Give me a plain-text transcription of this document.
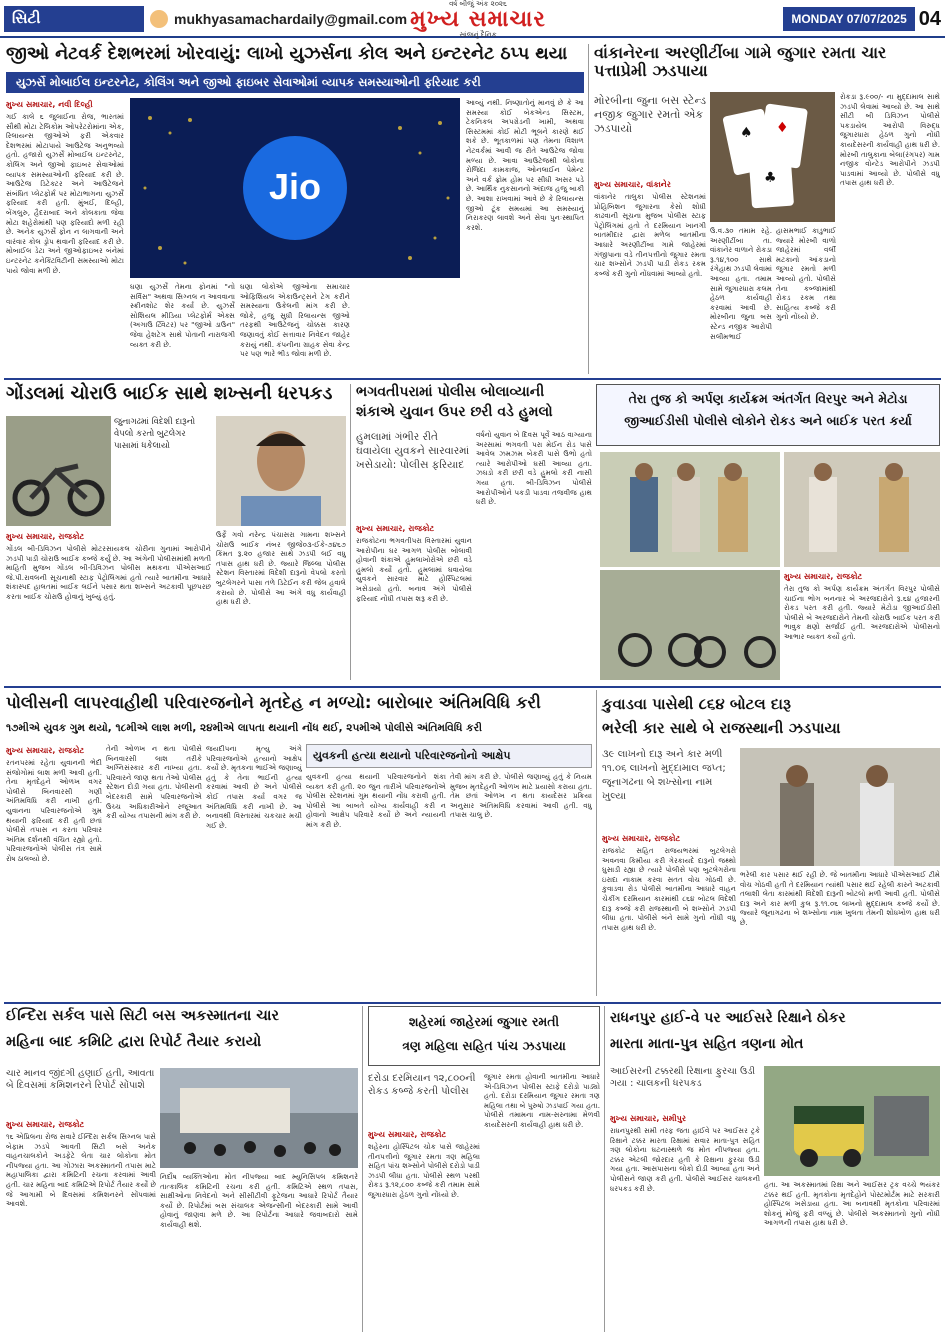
સિટી	mukhyasamachardaily@gmail.com
વર્ષ બીજું અંક ૨૦૨૬
મુખ્ય સમાચાર
સાંજનું દૈનિક
MONDAY 07/07/2025 04
જીઓ નેટવર્ક દેશભરમાં ખોરવાયું: લાખો યુઝર્સના કોલ અને ઇન્ટરનેટ ઠપ્પ થયા
યુઝર્સે મોબાઈલ ઇન્ટરનેટ, કોલિંગ અને જીઓ ફાઇબર સેવાઓમાં વ્યાપક સમસ્યાઓની ફરિયાદ કરી
મુખ્ય સમાચાર, નવી દિલ્હી
ગઈ કાલે ૬ જુલાઈના રોજ, ભારતમાં સૌથી મોટા ટેલિકોમ ઓપરેટરોમાંના એક, રિલાયન્સ જીઓએ ફરી એકવાર દેશભરમાં મોટાપાયે આઉટેજ અનુભવ્યો હતો. હજારો યુઝર્સે મોબાઈલ ઇન્ટરનેટ, કોલિંગ અને જીઓ ફાઇબર સેવાઓમાં વ્યાપક સમસ્યાઓની ફરિયાદ કરી છે. આઉટેજ ડિટેક્ટર અને આઉટેજને સંબંધિત પ્લેટફોર્મ પર મોટાભાગના યુઝર્સે ફરિયાદ કરી હતી. મુંબઈ, દિલ્હી, બેંગલુરુ, હૈદરાબાદ અને કોલકાતા જેવા મોટા શહેરોમાંથી પણ ફરિયાદો મળી રહી છે. અનેક યુઝર્સે ફોન ન લાગવાની અને વારંવાર કોલ ડ્રોપ થવાની ફરિયાદ કરી છે. મોબાઈલ ડેટા અને જીઓફાઇબર બંનેમાં ઇન્ટરનેટ કનેક્ટિવિટીની સમસ્યાઓ મોટા પાયે જોવા મળી છે.
Jio
ઘણા યુઝર્સે તેમના ફોનમાં "નો સર્વિસ" અથવા સિગ્નલ ન આવવાના સ્ક્રીનશોટ શેર કર્યા છે. યુઝર્સે સોશિયલ મીડિયા પ્લેટફોર્મ એક્સ (અગાઉ ટ્વિટર) પર "જીઓ ડાઉન" જેવા હેશટેગ સાથે પોતાની નારાજગી વ્યક્ત કરી છે.
ઘણા લોકોએ જીઓના સમાચાર ઓફિશિયલ એકાઉન્ટ્સને ટેગ કરીને સમસ્યાના ઉકેલની માંગ કરી છે. જોકે, હજુ સુધી રિલાયન્સ જીઓ તરફથી આઉટેજનું ચોક્કસ કારણ જણાવતું કોઈ સત્તાવાર નિવેદન જાહેર કરાયું નથી. કંપનીના ગ્રાહક સેવા કેન્દ્ર પર પણ ભારે ભીડ જોવા મળી છે.
આવ્યું નથી. નિષ્ણાતોનું માનવું છે કે આ સમસ્યા કોઈ બેકએન્ડ સિસ્ટમ, ટેકનિકલ અપગ્રેડની ખામી, અથવા સિસ્ટમમાં કોઈ મોટી ભૂલને કારણે થઈ શકે છે. ભૂતકાળમાં પણ તેમના વિશાળ નેટવર્કમાં આવી જ રીતે આઉટેજ જોવા મળ્યા છે. આવા આઉટેજથી લોકોના રોજિંદા કામકાજ, ઓનલાઈન પેમેન્ટ અને વર્ક ફ્રોમ હોમ પર સીધી અસર પડે છે. આર્થિક નુકસાનનો અંદાજ હજુ બાકી છે. આશા રાખવામાં આવે છે કે રિલાયન્સ જીઓ ટૂંક સમયમાં આ સમસ્યાનું નિરાકરણ લાવશે અને સેવા પુનઃસ્થાપિત કરશે.
વાંકાનેરના અરણીટીંબા ગામે જુગાર રમતા ચાર પત્તાપ્રેમી ઝડપાયા
મોરબીના જુના બસ સ્ટેન્ડ નજીક જુગાર રમતો એક ઝડપાયો	♠ ♦
♣
મુખ્ય સમાચાર, વાંકાનેર
વાંકાનેર તાલુકા પોલીસ સ્ટેશનમાં પ્રોહિબિશન જુગારના કેસો શોધી કાઢવાની સૂચના મુજબ પોલીસ સ્ટાફ પેટ્રોલિંગમાં હતો તે દરમિયાન ખાનગી બાતમીદાર દ્વારા મળેલ બાતમીના આધારે અરણીટીંબા ગામે જાહેરમાં ગંજીપાના વડે તીનપત્તીનો જુગાર રમતા ચાર શખ્સોને ઝડપી પાડી રોકડ રકમ કબ્જે કરી ગુનો નોંધવામાં આવ્યો હતો.
ઉ.વ.૩૦ તમામ રહે. અરણીટીંબા તા. વાંકાનેર વાળાને રોકડા રૂ.૧૪,૧૦૦ સાથે રંગેહાથ ઝડપી લેવામાં આવ્યા હતા. તમામ સામે જુગારધારા કલમ હેઠળ કાર્યવાહી કરવામાં આવી છે. મોરબીના જુના બસ સ્ટેન્ડ નજીક આરોપી સલીમભાઈ
હાસમભાઈ કાડુભાઈ જ્યારે મોરબી વાળો જાહેરમાં વર્લી મટકાનો આંકડાનો જુગાર રમતો મળી આવ્યો હતો. પોલીસે તેના કબ્જામાંથી રોકડ રકમ તથા સાહિત્ય કબ્જે કરી ગુનો નોંધ્યો છે.
રોકડા રૂ.૯૦૦/- ના મુદ્દામાલ સાથે ઝડપી લેવામાં આવ્યો છે. આ સાથે સીટી બી ડિવિઝન પોલીસે પકડાયેલ આરોપી વિરુદ્ધ જુગારધારા હેઠળ ગુનો નોંધી કાયદેસરની કાર્યવાહી હાથ ધરી છે. મોરબી તાલુકાના બેલા(રંગપર) ગામ નજીક વોન્ટેડ આરોપીને ઝડપી પાડવામાં આવ્યો છે. પોલીસે વધુ તપાસ હાથ ધરી છે.
ગોંડલમાં ચોરાઉ બાઈક સાથે શખ્સની ધરપકડ
જુનાગઢમાં વિદેશી દારૂનો વેપલો કરતો બુટલેગર પાસામાં ધકેલાયો
મુખ્ય સમાચાર, રાજકોટ
ગોંડલ બી-ડિવિઝન પોલીસે મોટરસાયકલ ચોરીના ગુનામાં આરોપીને ઝડપી પાડી ચોરાઉ બાઈક કબ્જે કર્યું છે. આ અંગેની પોલીસમાંથી મળતી માહિતી મુજબ ગોંડલ બી-ડિવિઝન પોલીસ મથકના પીએસઆઈ જે.પી.રાવલની સૂચનાથી સ્ટાફ પેટ્રોલિંગમાં હતો ત્યારે બાતમીના આધારે શંકાસ્પદ હાલતમાં બાઈક લઈને પસાર થતા શખ્સને અટકાવી પૂછપરછ કરતા બાઈક ચોરાઉ હોવાનું ખુલ્યું હતું.
ઉર્ફે ગવો નરેન્દ્ર પંચાસરા ગામના શખ્સને ચોરાઉ બાઈક નંબર જીજે૦૩-ઈકે-૭૪૬૭ કિંમત રૂ.૨૦ હજાર સાથે ઝડપી લઈ વધુ તપાસ હાથ ધરી છે. જ્યારે જિલ્લા પોલીસ સ્ટેશન વિસ્તારમાં વિદેશી દારૂનો વેપલો કરતો બુટલેગરને પાસા તળે ડિટેઈન કરી જેલ હવાલે કરાયો છે. પોલીસે આ અંગે વધુ કાર્યવાહી હાથ ધરી છે.
ભગવતીપરામાં પોલીસ બોલાવ્યાની
શંકાએ યુવાન ઉપર છરી વડે હુમલો
હુમલામાં ગંભીર રીતે ઘવાયેલા યુવકને સારવારમાં ખસેડાયો: પોલીસ ફરિયાદ
મુખ્ય સમાચાર, રાજકોટ
રાજકોટના ભગવતીપરા વિસ્તારમાં યુવાન આરોપીના ઘર આગળ પોલીસ બોલાવી હોવાની શંકાએ હુમલાખોરોએ છરી વડે હુમલો કર્યો હતો. હુમલામાં ઘવાયેલા યુવકને સારવાર માટે હોસ્પિટલમાં ખસેડાયો હતો. બનાવ અંગે પોલીસે ફરિયાદ નોંધી તપાસ શરૂ કરી છે.
વર્ષનો યુવાન બે દિવસ પૂર્વે આઠ વાગ્યાના અરસામાં ભગવતી પરા મેઈન રોડ પાસે આવેલ ઝમઝમ બેકરી પાસે ઉભો હતો ત્યારે આરોપીઓ ઘસી આવ્યા હતા. ઝઘડો કરી છરી વડે હુમલો કરી નાસી ગયા હતા. બી-ડિવિઝન પોલીસે આરોપીઓને પકડી પાડવા તજવીજ હાથ ધરી છે.
તેરા તુજ કો અર્પણ કાર્યક્રમ અંતર્ગત વિરપુર અને મેટોડા
જીઆઈડીસી પોલીસે લોકોને રોકડ અને બાઈક પરત કર્યા
મુખ્ય સમાચાર, રાજકોટ
તેરા તુજ કો અર્પણ કાર્યક્રમ અંતર્ગત વિરપુર પોલીસે ચાઈના ભોગ બનનાર બે અરજદારોને રૂ.૬૪ હજારની રોકડ પરત કરી હતી. જ્યારે મેટોડા જીઆઈડીસી પોલીસે બે અરજદારોને તેમની ચોરાઉ બાઈક પરત કરી ભાવુક ક્ષણો સર્જાઈ હતી. અરજદારોએ પોલીસનો આભાર વ્યક્ત કર્યો હતો.
પોલીસની લાપરવાહીથી પરિવારજનોને મૃતદેહ ન મળ્યો: બારોબાર અંતિમવિધિ કરી
૧૭મીએ યુવક ગુમ થયો, ૧૮મીએ લાશ મળી, ૨૪મીએ લાપતા થયાની નોંધ થઈ, ૨૫મીએ પોલીસે અંતિમવિધિ કરી
મુખ્ય સમાચાર, રાજકોટ
રતનપરમાં રહેતા યુવાનની ભેદી સંજોગોમાં લાશ મળી આવી હતી. તેના મૃતદેહને ઓળખ વગર પોલીસે બિનવારસી ગણી અંતિમવિધિ કરી નાખી હતી. યુવાનના પરિવારજનોએ ગુમ થયાની ફરિયાદ કરી હતી છતાં પોલીસે તપાસ ન કરતા પરિવાર અંતિમ દર્શનથી વંચિત રહ્યો હતો. પરિવારજનોએ પોલીસ તંત્ર સામે રોષ ઠાલવ્યો છે.
તેની ઓળખ ન થતા પોલીસે બિનવારસી લાશ તરીકે અગ્નિસંસ્કાર કરી નાખ્યા હતા. પરિવારને જાણ થતા તેઓ પોલીસ સ્ટેશન દોડી ગયા હતા. પોલીસની બેદરકારી સામે પરિવારજનોએ ઉચ્ચ અધિકારીઓને રજૂઆત કરી યોગ્ય તપાસની માંગ કરી છે.
જયદીપના મૃત્યુ અંગે પરિવારજનોએ હત્યાનો આક્ષેપ કર્યો છે. મૃતકના ભાઈએ જણાવ્યું હતું કે તેના ભાઈની હત્યા કરવામાં આવી છે અને પોલીસે કોઈ તપાસ કર્યા વગર જ અંતિમવિધિ કરી નાખી છે. આ બનાવથી વિસ્તારમાં ચકચાર મચી ગઈ છે.
યુવકની હત્યા થયાનો પરિવારજનોનો આક્ષેપ
યુવકની હત્યા થયાની પરિવારજનોને શંકા વ્યક્ત કરી હતી. ૨૦ જુન તારીખે પરિવારજનોએ પોલીસ સ્ટેશનમાં ગુમ થયાની નોંધ કરાવી હતી. પોલીસે આ બાબતે યોગ્ય કાર્યવાહી કરી ન હોવાનો આક્ષેપ પરિવારે કર્યો છે અને ન્યાયની માંગ કરી છે.
તેવી માંગ કરી છે. પોલીસે જણાવ્યું હતું કે નિયમ મુજબ મૃતદેહની ઓળખ માટે પ્રયાસો કરાયા હતા. તેમ છતાં ઓળખ ન થતા કાયદેસર પ્રક્રિયા અનુસાર અંતિમવિધિ કરવામાં આવી હતી. વધુ તપાસ ચાલુ છે.
કુવાડવા પાસેથી ૮૬૪ બોટલ દારૂ
ભરેલી કાર સાથે બે રાજસ્થાની ઝડપાયા
૩૯ લાખનો દારૂ અને કાર મળી ૧૧.૦૬ લાખનો મુદ્દામાલ જપ્ત; જૂનાગઢના બે શખ્સોના નામ ખુલ્યા
મુખ્ય સમાચાર, રાજકોટ
રાજકોટ સહિત રાજયભરમાં બુટલેગરો અવનવા કિમીયા કરી ગેરકાયદે દારૂનો જથ્થો ઘુસાડી રહ્યા છે ત્યારે પોલીસે પણ બુટલેગરોના ઇરાદા નાકામ કરવા સતત વોચ ગોઠવી છે. કુવાડવા રોડ પોલીસે બાતમીના આધારે વાહન ચેકીંગ દરમિયાન કારમાંથી ૮૬૪ બોટલ વિદેશી દારૂ કબ્જે કરી રાજસ્થાની બે શખ્સોને ઝડપી લીધા હતા. પોલીસે બંને સામે ગુનો નોંધી વધુ તપાસ હાથ ધરી છે.
ભરેલી કાર પસાર થઈ રહી છે. જે બાતમીના આધારે પીએસઆઈ ટીમે વોચ ગોઠવી હતી તે દરમિયાન ત્યાંથી પસાર થઈ રહેલી કારને અટકાવી તલાશી લેતા કારમાંથી વિદેશી દારૂની બોટલો મળી આવી હતી. પોલીસે દારૂ અને કાર મળી કુલ રૂ.૧૧.૦૬ લાખનો મુદ્દામાલ કબ્જે કર્યો છે. જ્યારે જૂનાગઢના બે શખ્સોના નામ ખુલતા તેમની શોધખોળ હાથ ધરી છે.
ઈન્દિરા સર્કલ પાસે સિટી બસ અકસ્માતના ચાર
મહિના બાદ કમિટિ દ્વારા રિપોર્ટ તૈયાર કરાયો
ચાર માનવ જીંદગી હણાઈ હતી, આવતા બે દિવસમાં કમિશનરને રિપોર્ટ સોંપાશે
મુખ્ય સમાચાર, રાજકોટ
૧૬ એપ્રિલના રોજ સવારે ઈન્દિરા સર્કલ સિગ્નલ પાસે બેફામ ઝડપે આવતી સિટી બસે અનેક વાહનચાલકોને અડફેટે લેતા ચાર લોકોના મોત નીપજ્યા હતા. આ ગોઝારા અકસ્માતની તપાસ માટે મહાપાલિકા દ્વારા કમિટિની રચના કરવામાં આવી હતી. ચાર મહિના બાદ કમિટિએ રિપોર્ટ તૈયાર કર્યો છે જે આગામી બે દિવસમાં કમિશનરને સોંપવામાં આવશે.
નિર્દોષ વ્યક્તિઓના મોત નીપજ્યા બાદ મ્યુનિસિપલ કમિશનરે તાત્કાલિક કમિટિની રચના કરી હતી. કમિટિએ સ્થળ તપાસ, સાક્ષીઓના નિવેદનો અને સીસીટીવી ફૂટેજના આધારે રિપોર્ટ તૈયાર કર્યો છે. રિપોર્ટમાં બસ સંચાલક એજન્સીની બેદરકારી સામે આવી હોવાનું જાણવા મળે છે. આ રિપોર્ટના આધારે જવાબદારો સામે કાર્યવાહી થશે.
શહેરમાં જાહેરમાં જુગાર રમતી
ત્રણ મહિલા સહિત પાંચ ઝડપાયા
દરોડા દરમિયાન ૧૨,૮૦૦ની રોકડ કબ્જે કરતી પોલીસ
મુખ્ય સમાચાર, રાજકોટ
શહેરના હોસ્પિટલ ચોક પાસે જાહેરમાં તીનપત્તીનો જુગાર રમતા ત્રણ મહિલા સહિત પાંચ શખ્સોને પોલીસે દરોડો પાડી ઝડપી લીધા હતા. પોલીસે સ્થળ પરથી રોકડ રૂ.૧૨,૮૦૦ કબ્જે કરી તમામ સામે જુગારધારા હેઠળ ગુનો નોંધ્યો છે.
જુગાર રમતા હોવાની બાતમીના આધારે એ-ડિવિઝન પોલીસ સ્ટાફે દરોડો પાડ્યો હતો. દરોડા દરમિયાન જુગાર રમતા ત્રણ મહિલા તથા બે પુરુષો ઝડપાઈ ગયા હતા. પોલીસે તમામના નામ-સરનામા મેળવી કાયદેસરની કાર્યવાહી હાથ ધરી છે.
રાધનપુર હાઈ-વે પર આઈસરે રિક્ષાને ઠોકર
મારતા માતા-પુત્ર સહિત ત્રણના મોત
આઈસરની ટક્કરથી રિક્ષાના ફુરચા ઉડી ગયા : ચાલકની ધરપકડ
મુખ્ય સમાચાર, સમીપુર
રાધનપુરથી સમી તરફ જતા હાઈવે પર આઈસર ટ્રકે રિક્ષાને ટક્કર મારતા રિક્ષામાં સવાર માતા-પુત્ર સહિત ત્રણ લોકોના ઘટનાસ્થળે જ મોત નીપજ્યા હતા. ટક્કર એટલી જોરદાર હતી કે રિક્ષાના ફુરચા ઉડી ગયા હતા. આસપાસના લોકો દોડી આવ્યા હતા અને પોલીસને જાણ કરી હતી. પોલીસે આઈસર ચાલકની ધરપકડ કરી છે.	હતા. આ અકસ્માતમાં રિક્ષા અને આઈસર ટ્રક વચ્ચે ભયંકર ટક્કર થઈ હતી. મૃતકોના મૃતદેહોને પોસ્ટમોર્ટમ માટે સરકારી હોસ્પિટલ ખસેડાયા હતા. આ બનાવથી મૃતકોના પરિવારમાં શોકનું મોજું ફરી વળ્યું છે. પોલીસે અકસ્માતનો ગુનો નોંધી આગળની તપાસ હાથ ધરી છે.
